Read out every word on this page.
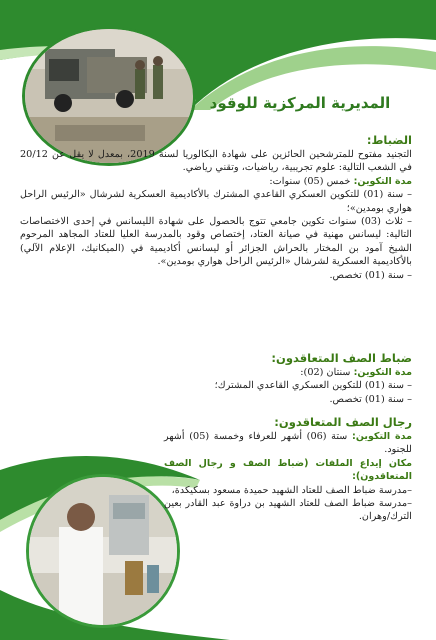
المديرية المركزية للوقود

الضباط:

التجنيد مفتوح للمترشحين الحائزين على شهادة البكالوريا لسنة 2019، بمعدل لا يقل عن 20/12 في الشعب التالية: علوم تجريبية، رياضيات، وتقني رياضي.

مدة التكوين: خمس (05) سنوات:

– سنة (01) للتكوين العسكري القاعدي المشترك بالأكاديمية العسكرية لشرشال «الرئيس الراحل هواري بومدين»؛

– ثلاث (03) سنوات تكوين جامعي تتوج بالحصول على شهادة الليسانس في إحدى الاختصاصات التالية: ليسانس مهنية في صيانة العتاد، إختصاص وقود بالمدرسة العليا للعتاد المجاهد المرحوم الشيخ آمود بن المختار بالحراش الجزائر أو ليسانس أكاديمية في (الميكانيك، الإعلام الآلي) بالأكاديمية العسكرية لشرشال «الرئيس الراحل هواري بومدين».

– سنة (01) تخصص.

ضباط الصف المتعاقدون:

مدة التكوين: سنتان (02):

– سنة (01) للتكوين العسكري القاعدي المشترك؛

– سنة (01) تخصص.

رجال الصف المتعاقدون:

مدة التكوين: ستة (06) أشهر للعرفاء وخمسة (05) أشهر للجنود.

مكان إيداع الملفات (ضباط الصف و رجال الصف المتعاقدون):

–مدرسة ضباط الصف للعتاد الشهيد حميدة مسعود بسكيكدة،

–مدرسة ضباط الصف للعتاد الشهيد بن دراوة عبد القادر بعين الترك/وهران.
